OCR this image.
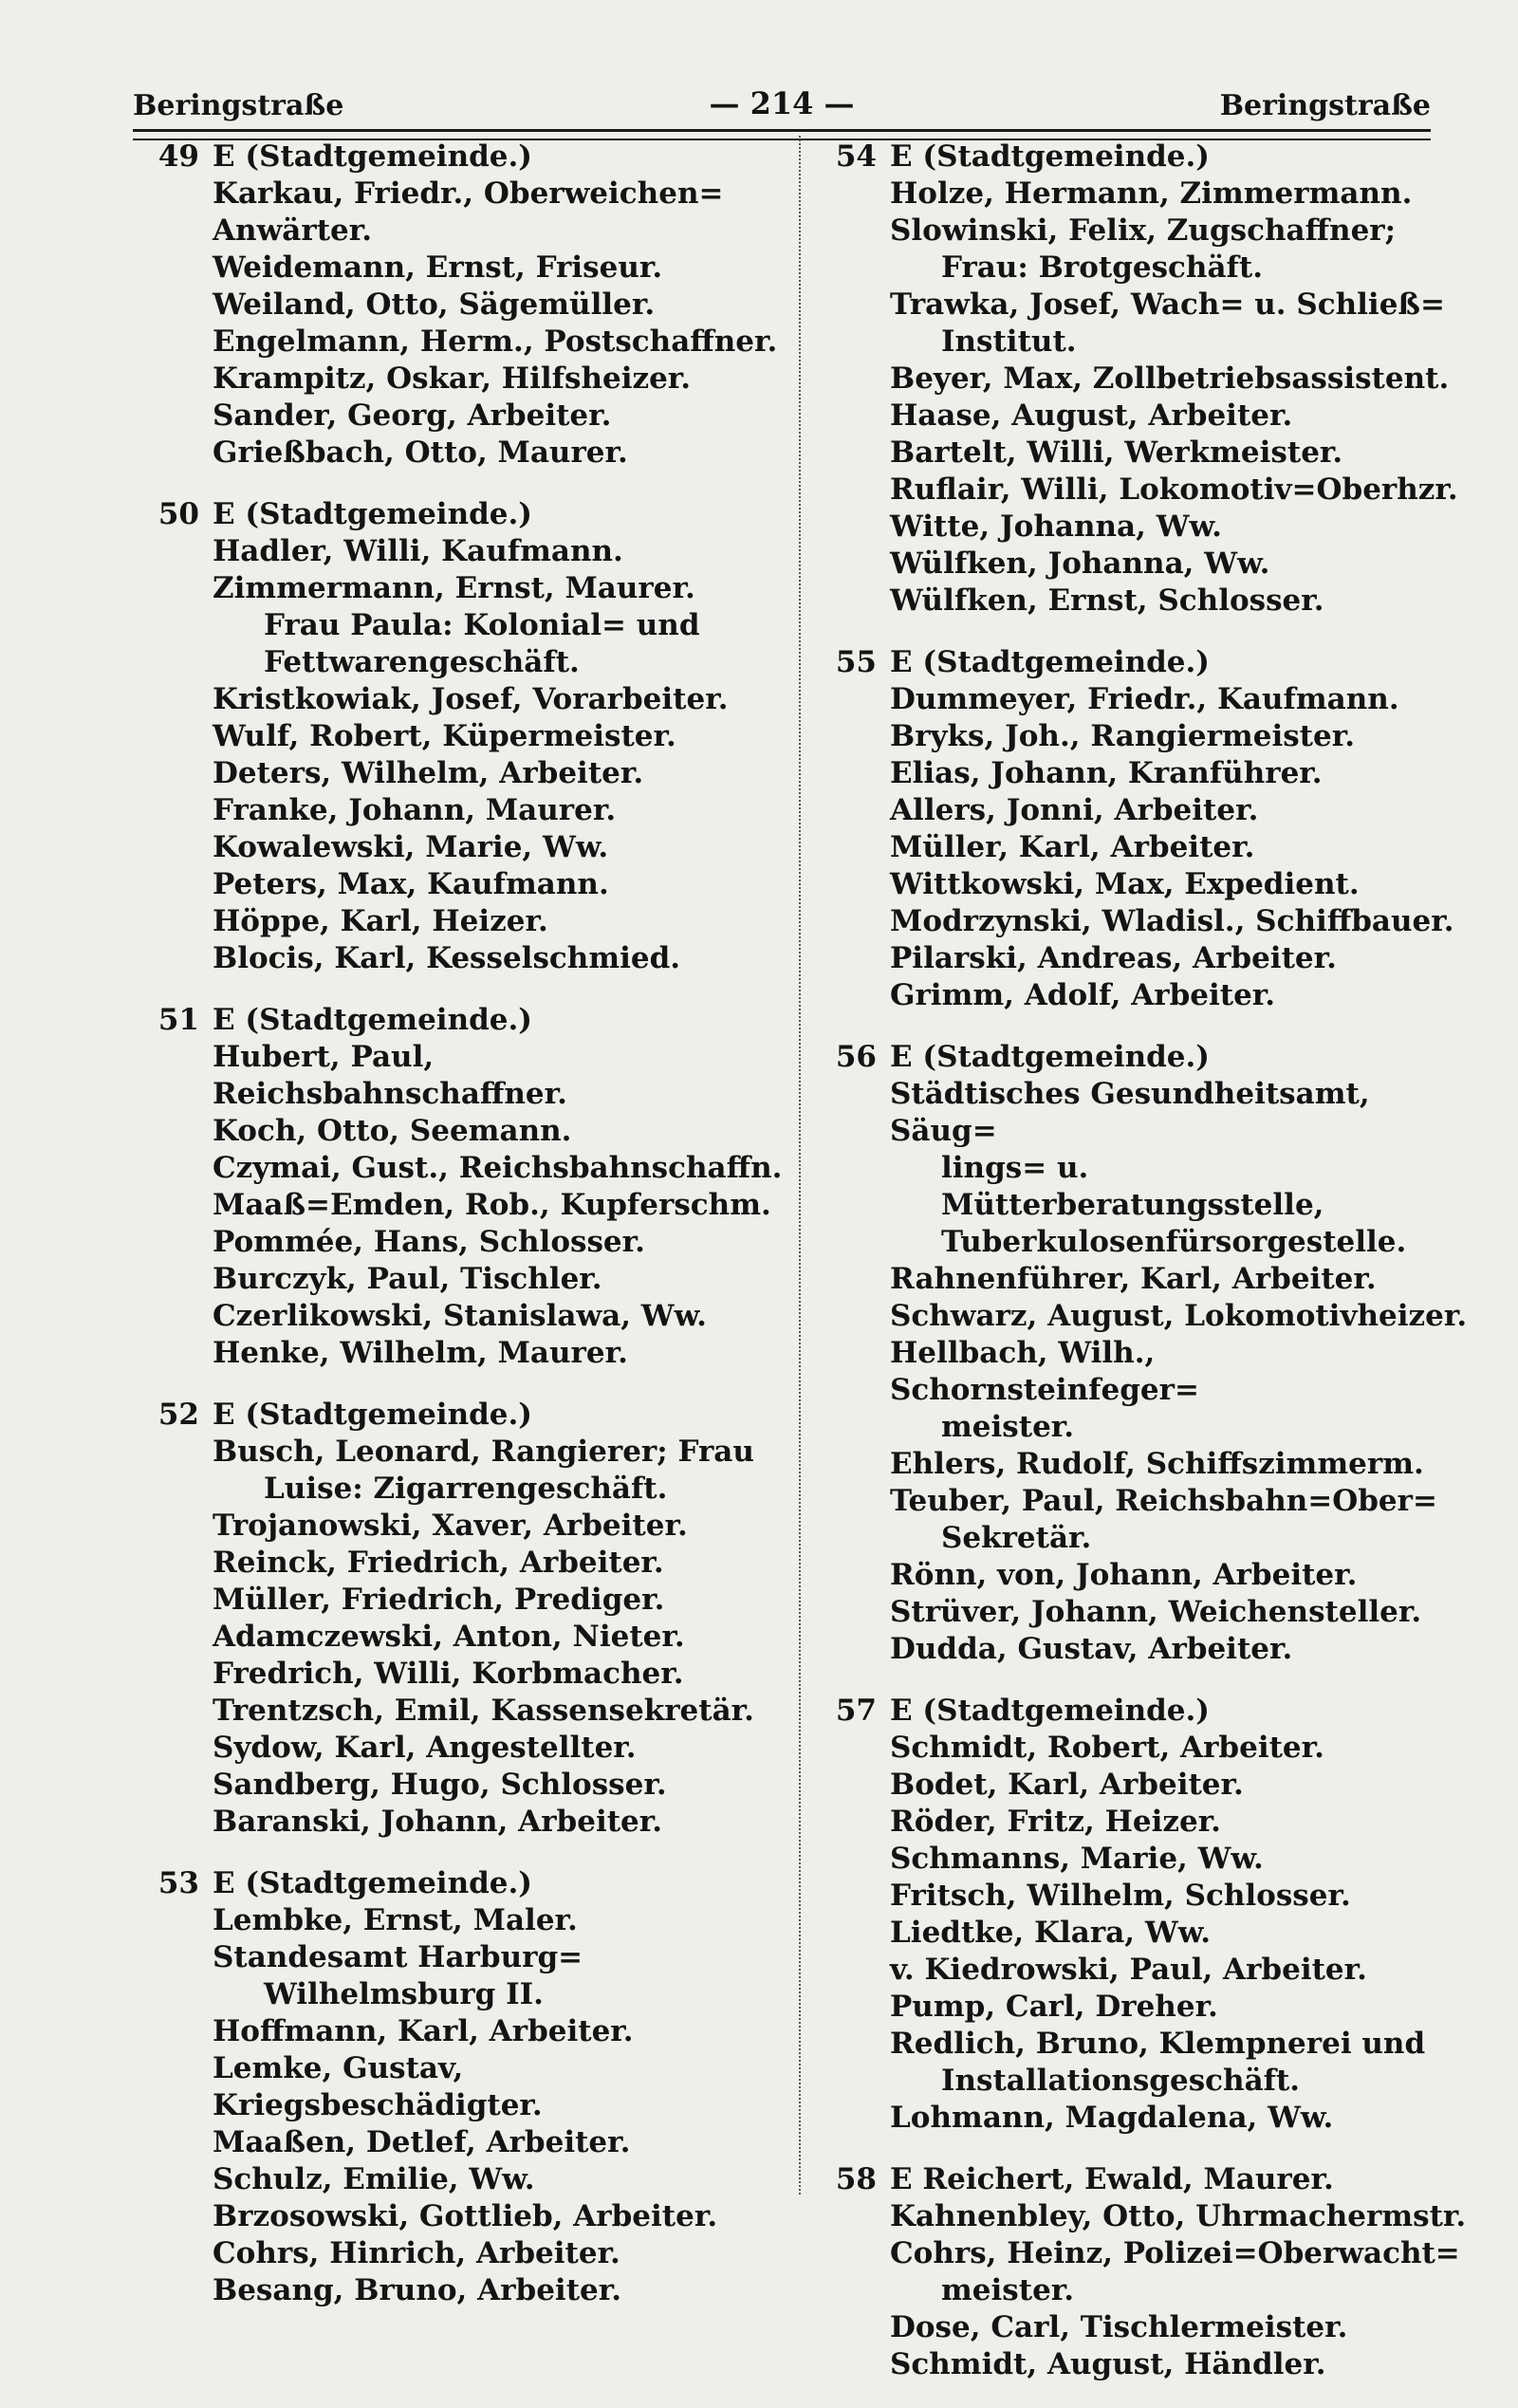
Beringstraße	— 214 —	Beringstraße
49 E (Stadtgemeinde.)
Karkau, Friedr., Oberweichen=
Anwärter.
Weidemann, Ernst, Friseur.
Weiland, Otto, Sägemüller.
Engelmann, Herm., Postschaffner.
Krampitz, Oskar, Hilfsheizer.
Sander, Georg, Arbeiter.
Grießbach, Otto, Maurer.
50 E (Stadtgemeinde.)
Hadler, Willi, Kaufmann.
Zimmermann, Ernst, Maurer.
Frau Paula: Kolonial= und
Fettwarengeschäft.
Kristkowiak, Josef, Vorarbeiter.
Wulf, Robert, Küpermeister.
Deters, Wilhelm, Arbeiter.
Franke, Johann, Maurer.
Kowalewski, Marie, Ww.
Peters, Max, Kaufmann.
Höppe, Karl, Heizer.
Blocis, Karl, Kesselschmied.
51 E (Stadtgemeinde.)
Hubert, Paul, Reichsbahnschaffner.
Koch, Otto, Seemann.
Czymai, Gust., Reichsbahnschaffn.
Maaß=Emden, Rob., Kupferschm.
Pommée, Hans, Schlosser.
Burczyk, Paul, Tischler.
Czerlikowski, Stanislawa, Ww.
Henke, Wilhelm, Maurer.
52 E (Stadtgemeinde.)
Busch, Leonard, Rangierer; Frau
Luise: Zigarrengeschäft.
Trojanowski, Xaver, Arbeiter.
Reinck, Friedrich, Arbeiter.
Müller, Friedrich, Prediger.
Adamczewski, Anton, Nieter.
Fredrich, Willi, Korbmacher.
Trentzsch, Emil, Kassensekretär.
Sydow, Karl, Angestellter.
Sandberg, Hugo, Schlosser.
Baranski, Johann, Arbeiter.
53 E (Stadtgemeinde.)
Lembke, Ernst, Maler.
Standesamt Harburg=
Wilhelmsburg II.
Hoffmann, Karl, Arbeiter.
Lemke, Gustav, Kriegsbeschädigter.
Maaßen, Detlef, Arbeiter.
Schulz, Emilie, Ww.
Brzosowski, Gottlieb, Arbeiter.
Cohrs, Hinrich, Arbeiter.
Besang, Bruno, Arbeiter.
54 E (Stadtgemeinde.)
Holze, Hermann, Zimmermann.
Slowinski, Felix, Zugschaffner;
Frau: Brotgeschäft.
Trawka, Josef, Wach= u. Schließ=
Institut.
Beyer, Max, Zollbetriebsassistent.
Haase, August, Arbeiter.
Bartelt, Willi, Werkmeister.
Ruflair, Willi, Lokomotiv=Oberhzr.
Witte, Johanna, Ww.
Wülfken, Johanna, Ww.
Wülfken, Ernst, Schlosser.
55 E (Stadtgemeinde.)
Dummeyer, Friedr., Kaufmann.
Bryks, Joh., Rangiermeister.
Elias, Johann, Kranführer.
Allers, Jonni, Arbeiter.
Müller, Karl, Arbeiter.
Wittkowski, Max, Expedient.
Modrzynski, Wladisl., Schiffbauer.
Pilarski, Andreas, Arbeiter.
Grimm, Adolf, Arbeiter.
56 E (Stadtgemeinde.)
Städtisches Gesundheitsamt, Säug=
lings= u. Mütterberatungsstelle,
Tuberkulosenfürsorgestelle.
Rahnenführer, Karl, Arbeiter.
Schwarz, August, Lokomotivheizer.
Hellbach, Wilh., Schornsteinfeger=
meister.
Ehlers, Rudolf, Schiffszimmerm.
Teuber, Paul, Reichsbahn=Ober=
Sekretär.
Rönn, von, Johann, Arbeiter.
Strüver, Johann, Weichensteller.
Dudda, Gustav, Arbeiter.
57 E (Stadtgemeinde.)
Schmidt, Robert, Arbeiter.
Bodet, Karl, Arbeiter.
Röder, Fritz, Heizer.
Schmanns, Marie, Ww.
Fritsch, Wilhelm, Schlosser.
Liedtke, Klara, Ww.
v. Kiedrowski, Paul, Arbeiter.
Pump, Carl, Dreher.
Redlich, Bruno, Klempnerei und
Installationsgeschäft.
Lohmann, Magdalena, Ww.
58 E Reichert, Ewald, Maurer.
Kahnenbley, Otto, Uhrmachermstr.
Cohrs, Heinz, Polizei=Oberwacht=
meister.
Dose, Carl, Tischlermeister.
Schmidt, August, Händler.
